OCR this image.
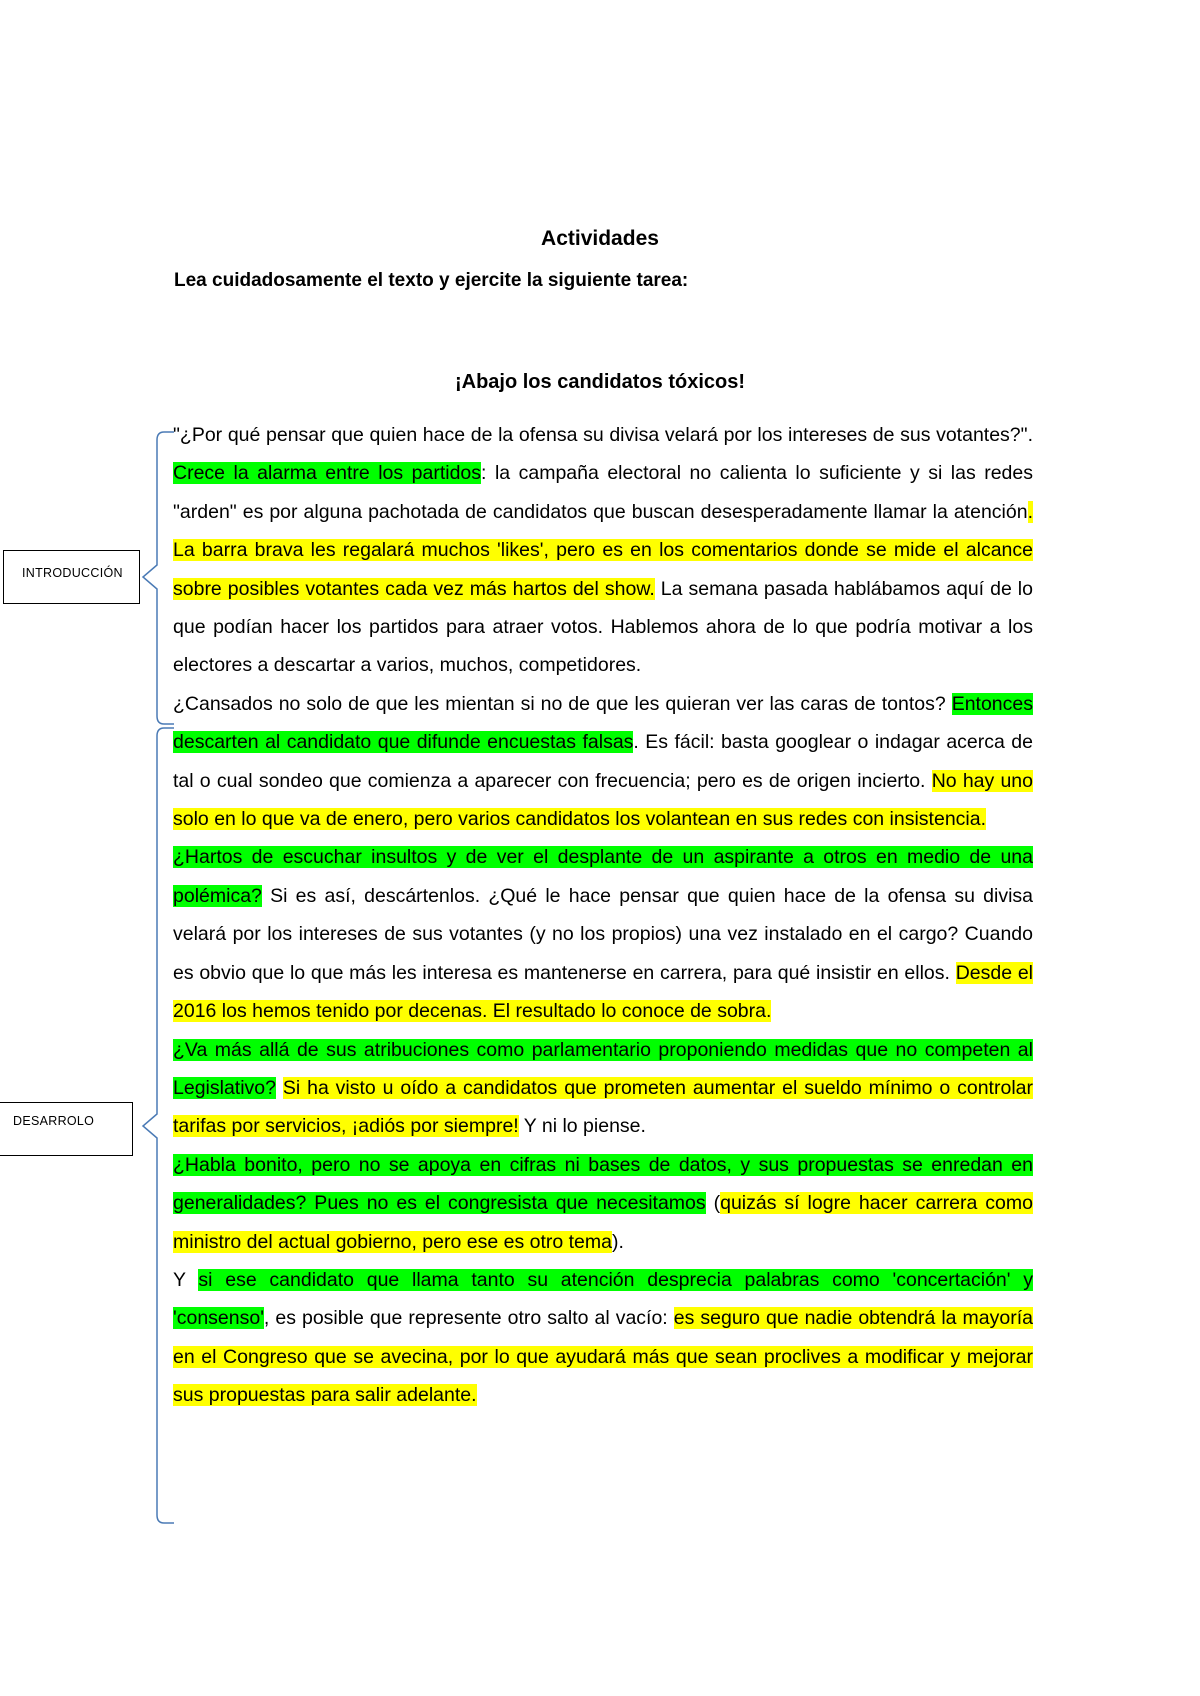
Actividades

Lea cuidadosamente el texto y ejercite la siguiente tarea:

¡Abajo los candidatos tóxicos!
INTRODUCCIÓN
DESARROLO

"¿Por qué pensar que quien hace de la ofensa su divisa velará por los intereses de sus votantes?". Crece la alarma entre los partidos: la campaña electoral no calienta lo suficiente y si las redes "arden" es por alguna pachotada de candidatos que buscan desesperadamente llamar la atención. La barra brava les regalará muchos 'likes', pero es en los comentarios donde se mide el alcance sobre posibles votantes cada vez más hartos del show. La semana pasada hablábamos aquí de lo que podían hacer los partidos para atraer votos. Hablemos ahora de lo que podría motivar a los electores a descartar a varios, muchos, competidores.

¿Cansados no solo de que les mientan si no de que les quieran ver las caras de tontos? Entonces descarten al candidato que difunde encuestas falsas. Es fácil: basta googlear o indagar acerca de tal o cual sondeo que comienza a aparecer con frecuencia; pero es de origen incierto. No hay uno solo en lo que va de enero, pero varios candidatos los volantean en sus redes con insistencia.

¿Hartos de escuchar insultos y de ver el desplante de un aspirante a otros en medio de una polémica? Si es así, descártenlos. ¿Qué le hace pensar que quien hace de la ofensa su divisa velará por los intereses de sus votantes (y no los propios) una vez instalado en el cargo? Cuando es obvio que lo que más les interesa es mantenerse en carrera, para qué insistir en ellos. Desde el 2016 los hemos tenido por decenas. El resultado lo conoce de sobra.

¿Va más allá de sus atribuciones como parlamentario proponiendo medidas que no competen al Legislativo? Si ha visto u oído a candidatos que prometen aumentar el sueldo mínimo o controlar tarifas por servicios, ¡adiós por siempre! Y ni lo piense.

¿Habla bonito, pero no se apoya en cifras ni bases de datos, y sus propuestas se enredan en generalidades? Pues no es el congresista que necesitamos (quizás sí logre hacer carrera como ministro del actual gobierno, pero ese es otro tema).

Y si ese candidato que llama tanto su atención desprecia palabras como 'concertación' y 'consenso', es posible que represente otro salto al vacío: es seguro que nadie obtendrá la mayoría en el Congreso que se avecina, por lo que ayudará más que sean proclives a modificar y mejorar sus propuestas para salir adelante.
